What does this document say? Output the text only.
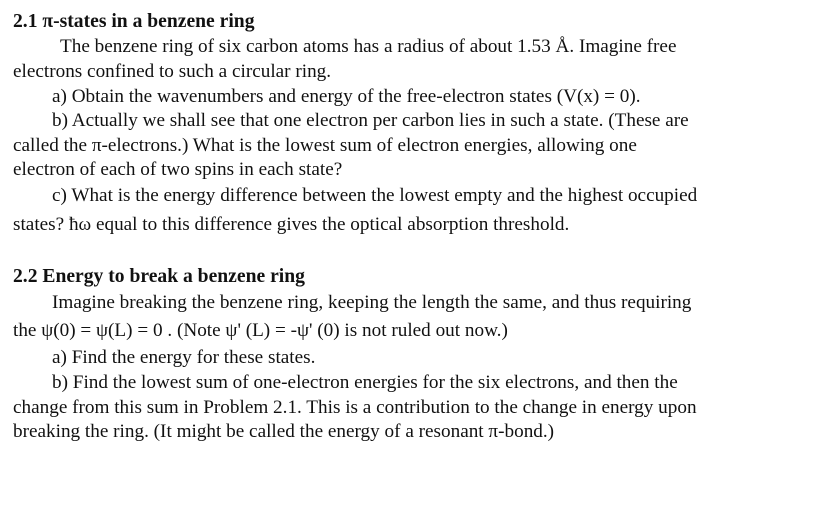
2.1 π-states in a benzene ring
The benzene ring of six carbon atoms has a radius of about 1.53 Å. Imagine free
electrons confined to such a circular ring.
a) Obtain the wavenumbers and energy of the free-electron states (V(x) = 0).
b) Actually we shall see that one electron per carbon lies in such a state. (These are
called the π-electrons.) What is the lowest sum of electron energies, allowing one
electron of each of two spins in each state?
c) What is the energy difference between the lowest empty and the highest occupied
states? ħω equal to this difference gives the optical absorption threshold.
2.2 Energy to break a benzene ring
Imagine breaking the benzene ring, keeping the length the same, and thus requiring
the ψ(0) = ψ(L) = 0 . (Note ψ' (L) = -ψ' (0) is not ruled out now.)
a) Find the energy for these states.
b) Find the lowest sum of one-electron energies for the six electrons, and then the
change from this sum in Problem 2.1. This is a contribution to the change in energy upon
breaking the ring. (It might be called the energy of a resonant π-bond.)
